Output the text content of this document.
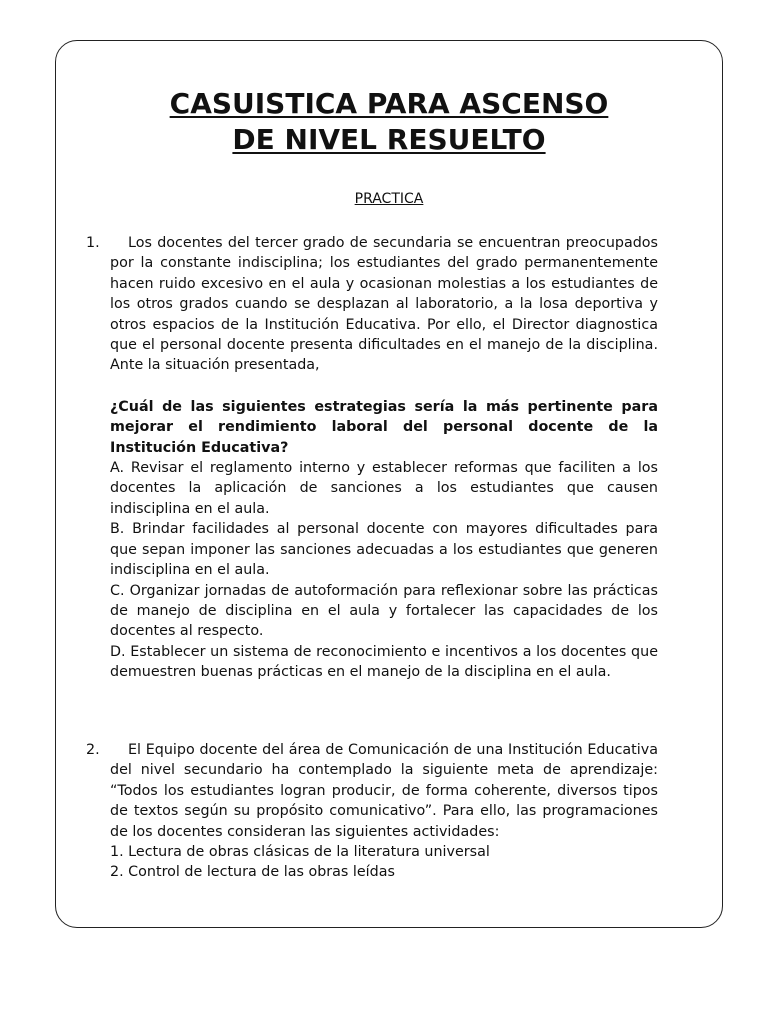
CASUISTICA PARA ASCENSO
DE NIVEL RESUELTO

PRACTICA

1.	Los docentes del tercer grado de secundaria se encuentran preocupados por la constante indisciplina; los estudiantes del grado permanentemente hacen ruido excesivo en el aula y ocasionan molestias a los estudiantes de los otros grados cuando se desplazan al laboratorio, a la losa deportiva y otros espacios de la Institución Educativa. Por ello, el Director diagnostica que el personal docente presenta dificultades en el manejo de la disciplina. Ante la situación presentada,

¿Cuál de las siguientes estrategias sería la más pertinente para mejorar el rendimiento laboral del personal docente de la Institución Educativa?

A. Revisar el reglamento interno y establecer reformas que faciliten a los docentes la aplicación de sanciones a los estudiantes que causen indisciplina en el aula.

B. Brindar facilidades al personal docente con mayores dificultades para que sepan imponer las sanciones adecuadas a los estudiantes que generen indisciplina en el aula.

C. Organizar jornadas de autoformación para reflexionar sobre las prácticas de manejo de disciplina en el aula y fortalecer las capacidades de los docentes al respecto.

D. Establecer un sistema de reconocimiento e incentivos a los docentes que demuestren buenas prácticas en el manejo de la disciplina en el aula.

2.	El Equipo docente del área de Comunicación de una Institución Educativa del nivel secundario ha contemplado la siguiente meta de aprendizaje: “Todos los estudiantes logran producir, de forma coherente, diversos tipos de textos según su propósito comunicativo”. Para ello, las programaciones de los docentes consideran las siguientes actividades:

1. Lectura de obras clásicas de la literatura universal

2. Control de lectura de las obras leídas
